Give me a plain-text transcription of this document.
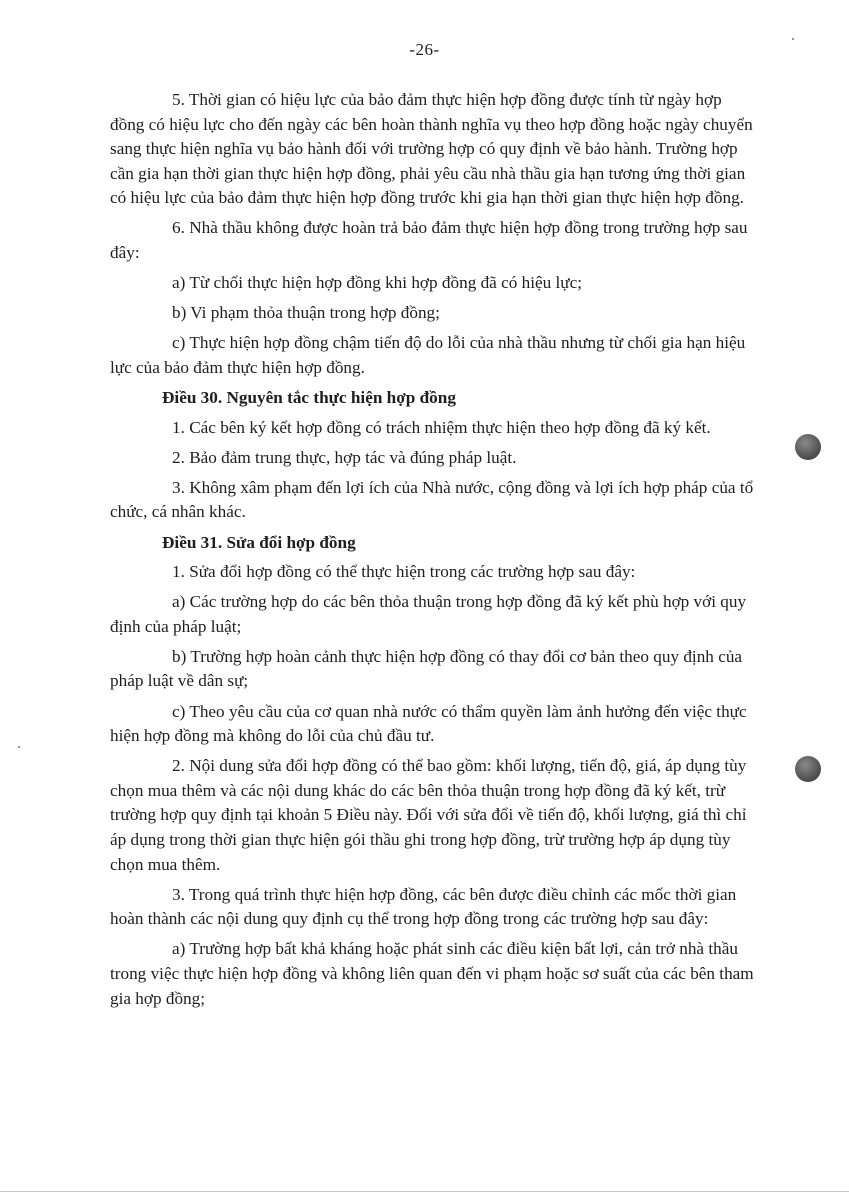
-26-

5. Thời gian có hiệu lực của bảo đảm thực hiện hợp đồng được tính từ ngày hợp đồng có hiệu lực cho đến ngày các bên hoàn thành nghĩa vụ theo hợp đồng hoặc ngày chuyển sang thực hiện nghĩa vụ bảo hành đối với trường hợp có quy định về bảo hành. Trường hợp cần gia hạn thời gian thực hiện hợp đồng, phải yêu cầu nhà thầu gia hạn tương ứng thời gian có hiệu lực của bảo đảm thực hiện hợp đồng trước khi gia hạn thời gian thực hiện hợp đồng.

6. Nhà thầu không được hoàn trả bảo đảm thực hiện hợp đồng trong trường hợp sau đây:

a) Từ chối thực hiện hợp đồng khi hợp đồng đã có hiệu lực;

b) Vi phạm thỏa thuận trong hợp đồng;

c) Thực hiện hợp đồng chậm tiến độ do lỗi của nhà thầu nhưng từ chối gia hạn hiệu lực của bảo đảm thực hiện hợp đồng.

Điều 30. Nguyên tắc thực hiện hợp đồng

1. Các bên ký kết hợp đồng có trách nhiệm thực hiện theo hợp đồng đã ký kết.

2. Bảo đảm trung thực, hợp tác và đúng pháp luật.

3. Không xâm phạm đến lợi ích của Nhà nước, cộng đồng và lợi ích hợp pháp của tổ chức, cá nhân khác.

Điều 31. Sửa đổi hợp đồng

1. Sửa đổi hợp đồng có thể thực hiện trong các trường hợp sau đây:

a) Các trường hợp do các bên thỏa thuận trong hợp đồng đã ký kết phù hợp với quy định của pháp luật;

b) Trường hợp hoàn cảnh thực hiện hợp đồng có thay đổi cơ bản theo quy định của pháp luật về dân sự;

c) Theo yêu cầu của cơ quan nhà nước có thẩm quyền làm ảnh hưởng đến việc thực hiện hợp đồng mà không do lỗi của chủ đầu tư.

2. Nội dung sửa đổi hợp đồng có thể bao gồm: khối lượng, tiến độ, giá, áp dụng tùy chọn mua thêm và các nội dung khác do các bên thỏa thuận trong hợp đồng đã ký kết, trừ trường hợp quy định tại khoản 5 Điều này. Đối với sửa đổi về tiến độ, khối lượng, giá thì chỉ áp dụng trong thời gian thực hiện gói thầu ghi trong hợp đồng, trừ trường hợp áp dụng tùy chọn mua thêm.

3. Trong quá trình thực hiện hợp đồng, các bên được điều chỉnh các mốc thời gian hoàn thành các nội dung quy định cụ thể trong hợp đồng trong các trường hợp sau đây:

a) Trường hợp bất khả kháng hoặc phát sinh các điều kiện bất lợi, cản trở nhà thầu trong việc thực hiện hợp đồng và không liên quan đến vi phạm hoặc sơ suất của các bên tham gia hợp đồng;
